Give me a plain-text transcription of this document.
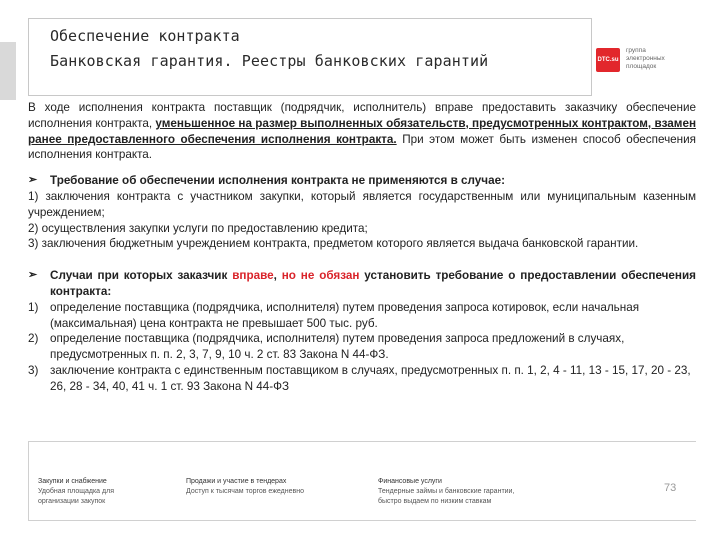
Обеспечение контракта
Банковская гарантия. Реестры банковских гарантий	DTC.su
группа
электронных
площадок

В ходе исполнения контракта поставщик (подрядчик, исполнитель) вправе предоставить заказчику обеспечение исполнения контракта, уменьшенное на размер выполненных обязательств, предусмотренных контрактом, взамен ранее предоставленного обеспечения исполнения контракта. При этом может быть изменен способ обеспечения исполнения контракта.

➢	Требование об обеспечении исполнения контракта не применяются в случае:

1) заключения контракта с участником закупки, который является государственным или муниципальным казенным учреждением;

2) осуществления закупки услуги по предоставлению кредита;

3) заключения бюджетным учреждением контракта, предметом которого является выдача банковской гарантии.

➢	Случаи при которых заказчик вправе, но не обязан установить требование о предоставлении обеспечения контракта:
1) определение поставщика (подрядчика, исполнителя) путем проведения запроса котировок, если начальная (максимальная) цена контракта не превышает 500 тыс. руб.
2) определение поставщика (подрядчика, исполнителя) путем проведения запроса предложений в случаях, предусмотренных п. п. 2, 3, 7, 9, 10 ч. 2 ст. 83 Закона N 44-ФЗ.
3) заключение контракта с единственным поставщиком в случаях, предусмотренных п. п. 1, 2, 4 - 11, 13 - 15, 17, 20 - 23, 26, 28 - 34, 40, 41 ч. 1 ст. 93 Закона N 44-ФЗ
Закупки и снабжение
Удобная площадка для
организации закупок
Продажи и участие в тендерах
Доступ к тысячам торгов ежедневно
Финансовые услуги
Тендерные займы и банковские гарантии,
быстро выдаем по низким ставкам
73
